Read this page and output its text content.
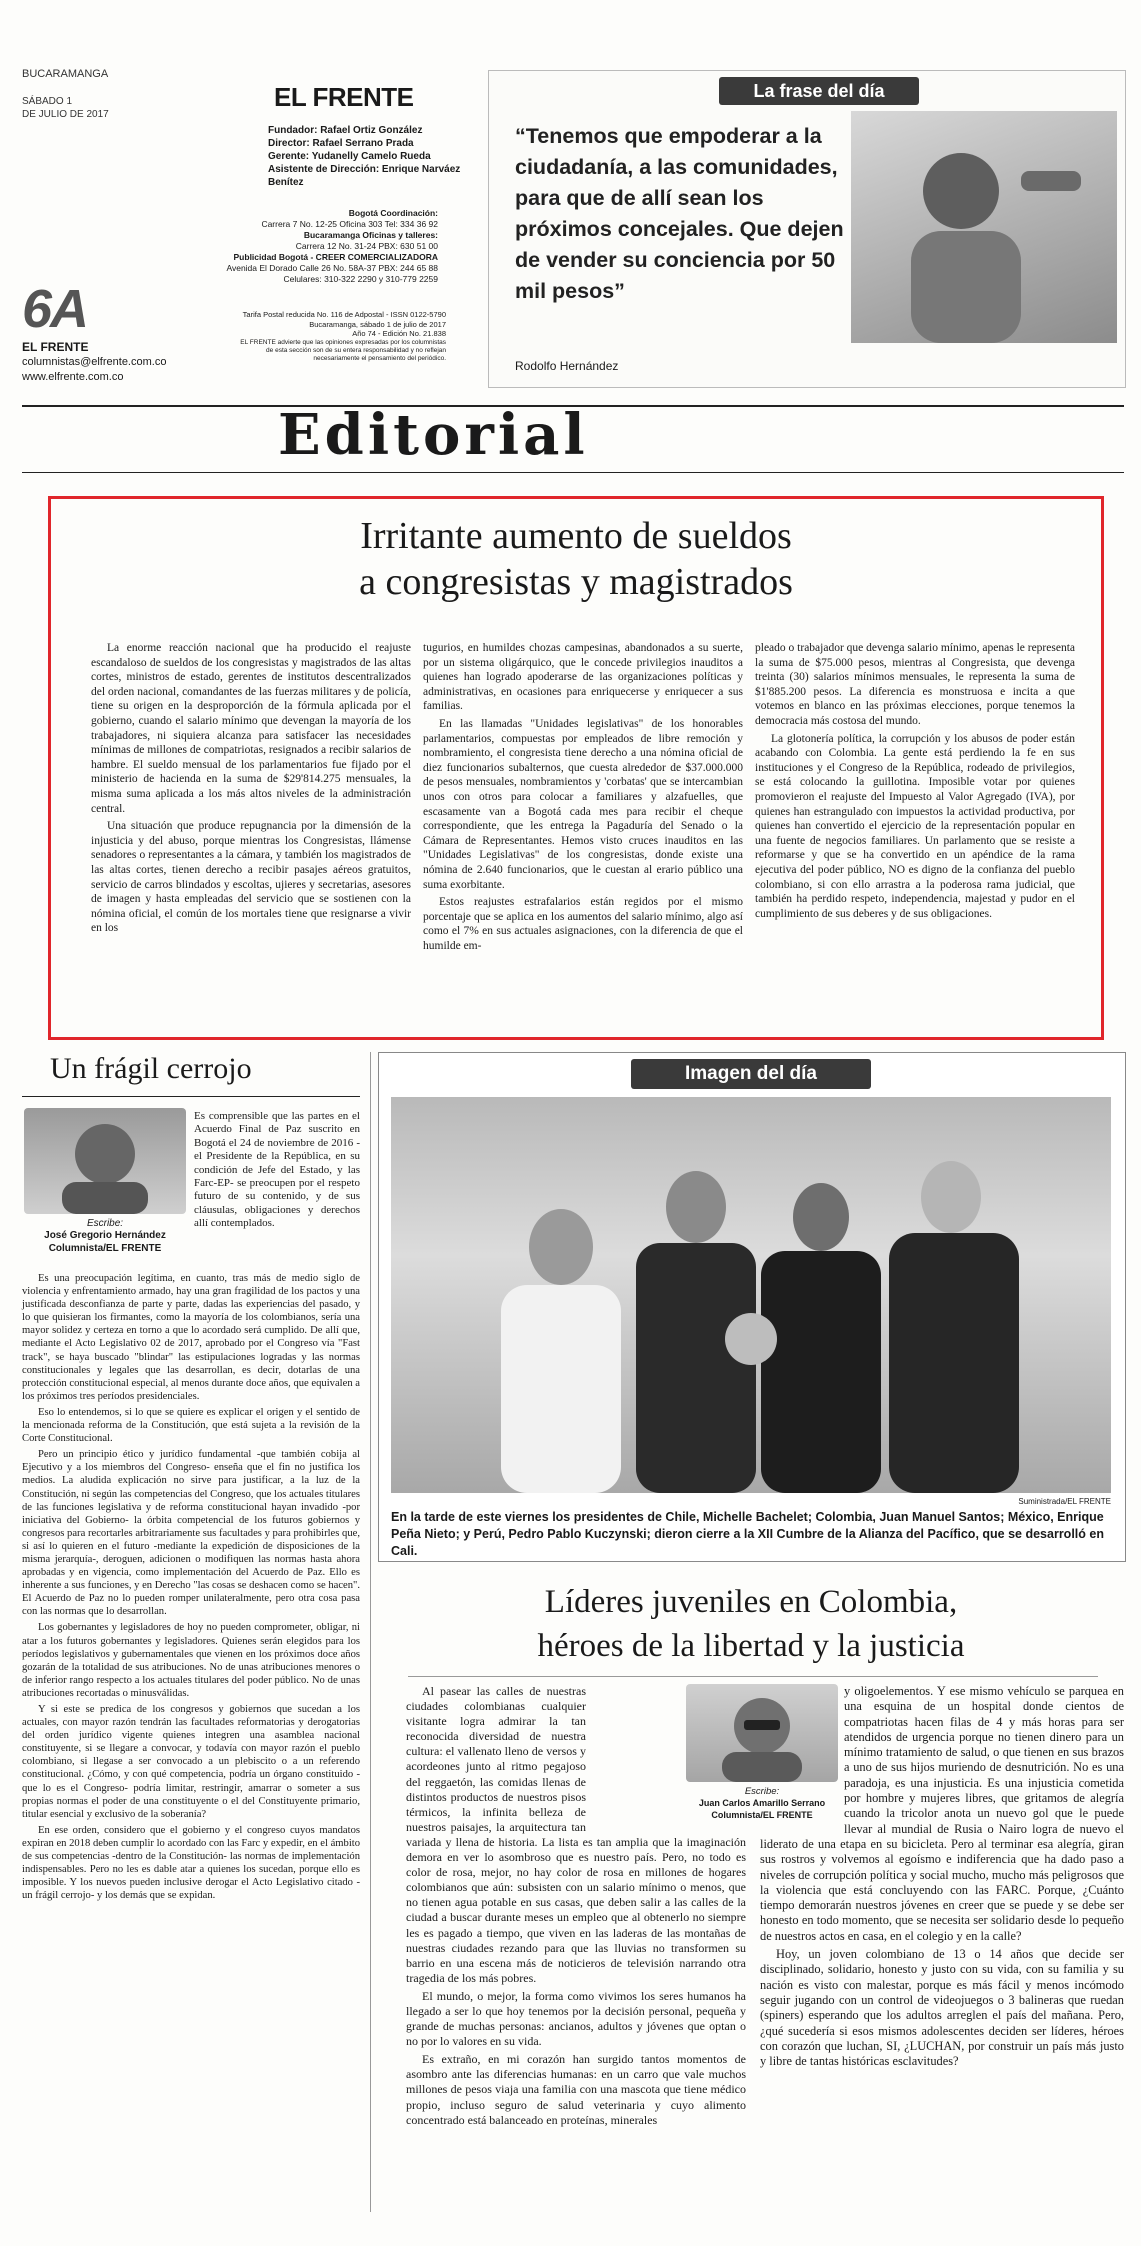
BUCARAMANGA
SÁBADO 1
DE JULIO DE 2017
6A
EL FRENTE
columnistas@elfrente.com.co
www.elfrente.com.co
EL FRENTE
Fundador: Rafael Ortiz González
Director: Rafael Serrano Prada
Gerente: Yudanelly Camelo Rueda
Asistente de Dirección: Enrique Narváez Benítez
Bogotá Coordinación:
Carrera 7 No. 12-25 Oficina 303 Tel: 334 36 92
Bucaramanga Oficinas y talleres:
Carrera 12 No. 31-24 PBX: 630 51 00
Publicidad Bogotá - CREER COMERCIALIZADORA
Avenida El Dorado Calle 26 No. 58A-37 PBX: 244 65 88
Celulares: 310-322 2290 y 310-779 2259
Tarifa Postal reducida No. 116 de Adpostal - ISSN 0122-5790
Bucaramanga, sábado 1 de julio de 2017
Año 74 - Edición No. 21.838
EL FRENTE advierte que las opiniones expresadas por los columnistas de esta sección son de su entera responsabilidad y no reflejan necesariamente el pensamiento del periódico.
La frase del día
“Tenemos que empoderar a la ciudadanía, a las comunidades, para que de allí sean los próximos concejales. Que dejen de vender su conciencia por 50 mil pesos”
Rodolfo Hernández
Editorial
Irritante aumento de sueldos
a congresistas y magistrados

La enorme reacción nacional que ha producido el reajuste escandaloso de sueldos de los congresistas y magistrados de las altas cortes, ministros de estado, gerentes de institutos descentralizados del orden nacional, comandantes de las fuerzas militares y de policía, tiene su origen en la desproporción de la fórmula aplicada por el gobierno, cuando el salario mínimo que devengan la mayoría de los trabajadores, ni siquiera alcanza para satisfacer las necesidades mínimas de millones de compatriotas, resignados a recibir salarios de hambre. El sueldo mensual de los parlamentarios fue fijado por el ministerio de hacienda en la suma de $29'814.275 mensuales, la misma suma aplicada a los más altos niveles de la administración central.

Una situación que produce repugnancia por la dimensión de la injusticia y del abuso, porque mientras los Congresistas, llámense senadores o representantes a la cámara, y también los magistrados de las altas cortes, tienen derecho a recibir pasajes aéreos gratuitos, servicio de carros blindados y escoltas, ujieres y secretarias, asesores de imagen y hasta empleadas del servicio que se sostienen con la nómina oficial, el común de los mortales tiene que resignarse a vivir en los

tugurios, en humildes chozas campesinas, abandonados a su suerte, por un sistema oligárquico, que le concede privilegios inauditos a quienes han logrado apoderarse de las organizaciones políticas y administrativas, en ocasiones para enriquecerse y enriquecer a sus familias.

En las llamadas "Unidades legislativas" de los honorables parlamentarios, compuestas por empleados de libre remoción y nombramiento, el congresista tiene derecho a una nómina oficial de diez funcionarios subalternos, que cuesta alrededor de $37.000.000 de pesos mensuales, nombramientos y 'corbatas' que se intercambian unos con otros para colocar a familiares y alzafuelles, que escasamente van a Bogotá cada mes para recibir el cheque correspondiente, que les entrega la Pagaduría del Senado o la Cámara de Representantes. Hemos visto cruces inauditos en las "Unidades Legislativas" de los congresistas, donde existe una nómina de 2.640 funcionarios, que le cuestan al erario público una suma exorbitante.

Estos reajustes estrafalarios están regidos por el mismo porcentaje que se aplica en los aumentos del salario mínimo, algo así como el 7% en sus actuales asignaciones, con la diferencia de que el humilde em-

pleado o trabajador que devenga salario mínimo, apenas le representa la suma de $75.000 pesos, mientras al Congresista, que devenga treinta (30) salarios mínimos mensuales, le representa la suma de $1'885.200 pesos. La diferencia es monstruosa e incita a que votemos en blanco en las próximas elecciones, porque tenemos la democracia más costosa del mundo.

La glotonería política, la corrupción y los abusos de poder están acabando con Colombia. La gente está perdiendo la fe en sus instituciones y el Congreso de la República, rodeado de privilegios, se está colocando la guillotina. Imposible votar por quienes promovieron el reajuste del Impuesto al Valor Agregado (IVA), por quienes han estrangulado con impuestos la actividad productiva, por quienes han convertido el ejercicio de la representación popular en una fuente de negocios familiares. Un parlamento que se resiste a reformarse y que se ha convertido en un apéndice de la rama ejecutiva del poder público, NO es digno de la confianza del pueblo colombiano, si con ello arrastra a la poderosa rama judicial, que también ha perdido respeto, independencia, majestad y pudor en el cumplimiento de sus deberes y de sus obligaciones.

Un frágil cerrojo
Escribe:
José Gregorio Hernández
Columnista/EL FRENTE
Es comprensible que las partes en el Acuerdo Final de Paz suscrito en Bogotá el 24 de noviembre de 2016 -el Presidente de la República, en su condición de Jefe del Estado, y las Farc-EP- se preocupen por el respeto futuro de su contenido, y de sus cláusulas, obligaciones y derechos allí contemplados.

Es una preocupación legítima, en cuanto, tras más de medio siglo de violencia y enfrentamiento armado, hay una gran fragilidad de los pactos y una justificada desconfianza de parte y parte, dadas las experiencias del pasado, y lo que quisieran los firmantes, como la mayoría de los colombianos, sería una mayor solidez y certeza en torno a que lo acordado será cumplido. De allí que, mediante el Acto Legislativo 02 de 2017, aprobado por el Congreso vía "Fast track", se haya buscado "blindar" las estipulaciones logradas y las normas constitucionales y legales que las desarrollan, es decir, dotarlas de una protección constitucional especial, al menos durante doce años, que equivalen a los próximos tres períodos presidenciales.

Eso lo entendemos, si lo que se quiere es explicar el origen y el sentido de la mencionada reforma de la Constitución, que está sujeta a la revisión de la Corte Constitucional.

Pero un principio ético y jurídico fundamental -que también cobija al Ejecutivo y a los miembros del Congreso- enseña que el fin no justifica los medios. La aludida explicación no sirve para justificar, a la luz de la Constitución, ni según las competencias del Congreso, que los actuales titulares de las funciones legislativa y de reforma constitucional hayan invadido -por iniciativa del Gobierno- la órbita competencial de los futuros gobiernos y congresos para recortarles arbitrariamente sus facultades y para prohibirles que, si así lo quieren en el futuro -mediante la expedición de disposiciones de la misma jerarquía-, deroguen, adicionen o modifiquen las normas hasta ahora aprobadas y en vigencia, como implementación del Acuerdo de Paz. Ello es inherente a sus funciones, y en Derecho "las cosas se deshacen como se hacen". El Acuerdo de Paz no lo pueden romper unilateralmente, pero otra cosa pasa con las normas que lo desarrollan.

Los gobernantes y legisladores de hoy no pueden comprometer, obligar, ni atar a los futuros gobernantes y legisladores. Quienes serán elegidos para los períodos legislativos y gubernamentales que vienen en los próximos doce años gozarán de la totalidad de sus atribuciones. No de unas atribuciones menores o de inferior rango respecto a los actuales titulares del poder público. No de unas atribuciones recortadas o minusválidas.

Y si este se predica de los congresos y gobiernos que sucedan a los actuales, con mayor razón tendrán las facultades reformatorias y derogatorias del orden jurídico vigente quienes integren una asamblea nacional constituyente, si se llegare a convocar, y todavía con mayor razón el pueblo colombiano, si llegase a ser convocado a un plebiscito o a un referendo constitucional. ¿Cómo, y con qué competencia, podría un órgano constituido -que lo es el Congreso- podría limitar, restringir, amarrar o someter a sus propias normas el poder de una constituyente o el del Constituyente primario, titular esencial y exclusivo de la soberanía?

En ese orden, considero que el gobierno y el congreso cuyos mandatos expiran en 2018 deben cumplir lo acordado con las Farc y expedir, en el ámbito de sus competencias -dentro de la Constitución- las normas de implementación indispensables. Pero no les es dable atar a quienes los sucedan, porque ello es imposible. Y los nuevos pueden inclusive derogar el Acto Legislativo citado -un frágil cerrojo- y los demás que se expidan.

Imagen del día
Suministrada/EL FRENTE
En la tarde de este viernes los presidentes de Chile, Michelle Bachelet; Colombia, Juan Manuel Santos; México, Enrique Peña Nieto; y Perú, Pedro Pablo Kuczynski; dieron cierre a la XII Cumbre de la Alianza del Pacífico, que se desarrolló en Cali.
Líderes juveniles en Colombia,
héroes de la libertad y la justicia
Escribe:
Juan Carlos Amarillo Serrano
Columnista/EL FRENTE

Al pasear las calles de nuestras ciudades colombianas cualquier visitante logra admirar la tan reconocida diversidad de nuestra cultura: el vallenato lleno de versos y acordeones junto al ritmo pegajoso del reggaetón, las comidas llenas de distintos productos de nuestros pisos térmicos, la infinita belleza de nuestros paisajes, la arquitectura tan variada y llena de historia. La lista es tan amplia que la imaginación demora en ver lo asombroso que es nuestro país. Pero, no todo es color de rosa, mejor, no hay color de rosa en millones de hogares colombianos que aún: subsisten con un salario mínimo o menos, que no tienen agua potable en sus casas, que deben salir a las calles de la ciudad a buscar durante meses un empleo que al obtenerlo no siempre les es pagado a tiempo, que viven en las laderas de las montañas de nuestras ciudades rezando para que las lluvias no transformen su barrio en una escena más de noticieros de televisión narrando otra tragedia de los más pobres.

El mundo, o mejor, la forma como vivimos los seres humanos ha llegado a ser lo que hoy tenemos por la decisión personal, pequeña y grande de muchas personas: ancianos, adultos y jóvenes que optan o no por lo valores en su vida.

Es extraño, en mi corazón han surgido tantos momentos de asombro ante las diferencias humanas: en un carro que vale muchos millones de pesos viaja una familia con una mascota que tiene médico propio, incluso seguro de salud veterinaria y cuyo alimento concentrado está balanceado en proteínas, minerales

y oligoelementos. Y ese mismo vehículo se parquea en una esquina de un hospital donde cientos de compatriotas hacen filas de 4 y más horas para ser atendidos de urgencia porque no tienen dinero para un mínimo tratamiento de salud, o que tienen en sus brazos a uno de sus hijos muriendo de desnutrición. No es una paradoja, es una injusticia. Es una injusticia cometida por hombre y mujeres libres, que gritamos de alegría cuando la tricolor anota un nuevo gol que le puede llevar al mundial de Rusia o Nairo logra de nuevo el liderato de una etapa en su bicicleta. Pero al terminar esa alegría, giran sus rostros y volvemos al egoísmo e indiferencia que ha dado paso a niveles de corrupción política y social mucho, mucho más peligrosos que la violencia que está concluyendo con las FARC. Porque, ¿Cuánto tiempo demorarán nuestros jóvenes en creer que se puede y se debe ser honesto en todo momento, que se necesita ser solidario desde lo pequeño de nuestros actos en casa, en el colegio y en la calle?

Hoy, un joven colombiano de 13 o 14 años que decide ser disciplinado, solidario, honesto y justo con su vida, con su familia y su nación es visto con malestar, porque es más fácil y menos incómodo seguir jugando con un control de videojuegos o 3 balineras que ruedan (spiners) esperando que los adultos arreglen el país del mañana. Pero, ¿qué sucedería si esos mismos adolescentes deciden ser líderes, héroes con corazón que luchan, SI, ¿LUCHAN, por construir un país más justo y libre de tantas históricas esclavitudes?
